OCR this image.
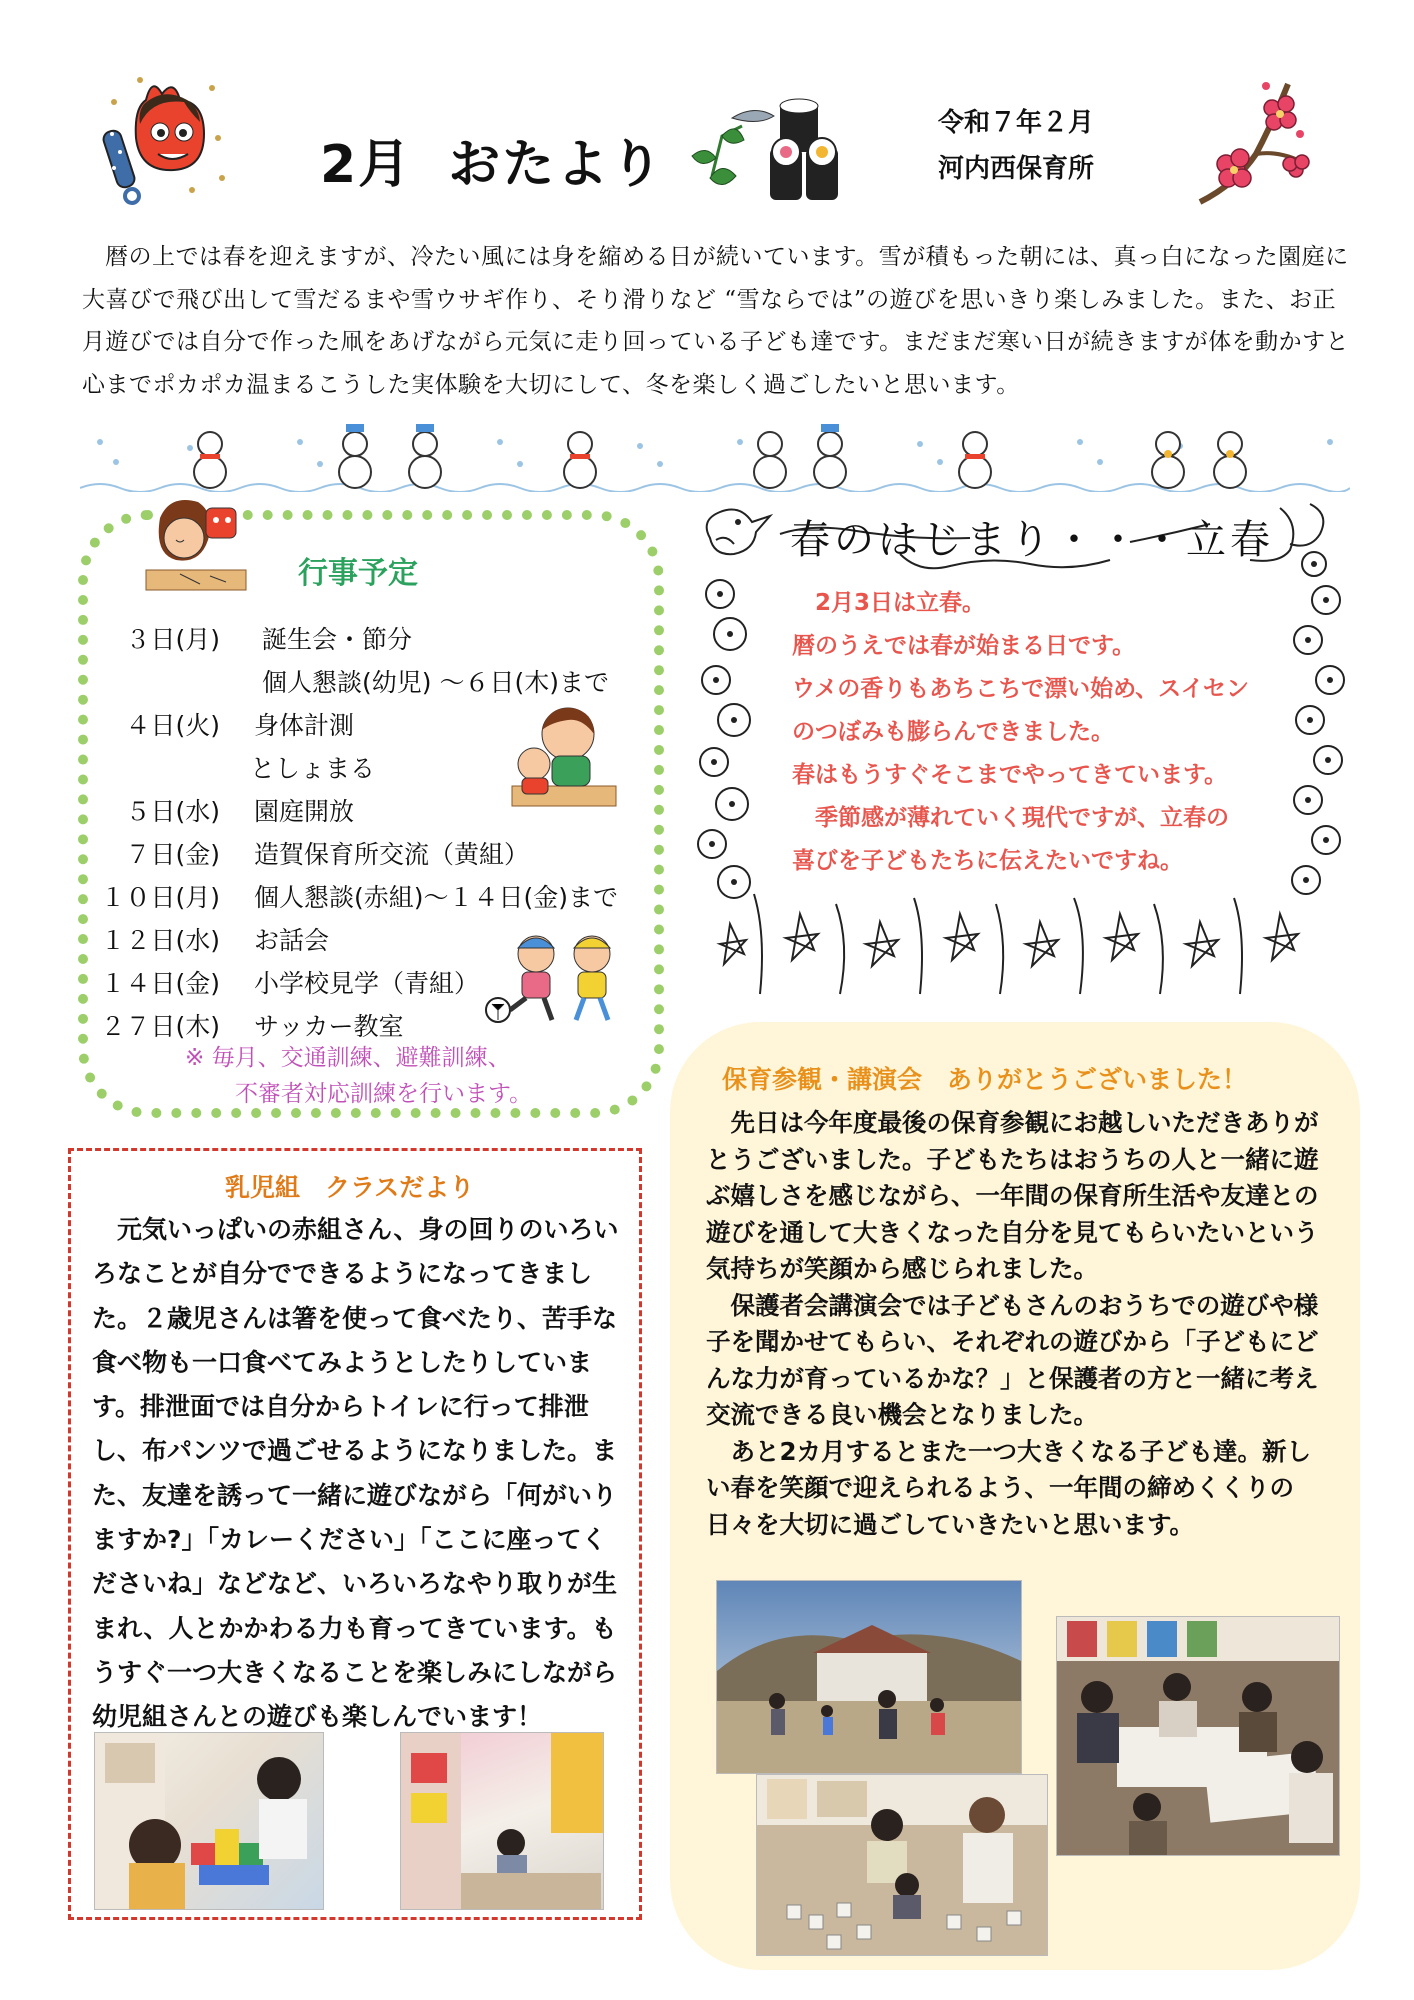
2月 おたより
令和７年２月
河内西保育所

暦の上では春を迎えますが、冷たい風には身を縮める日が続いています。雪が積もった朝には、真っ白になった園庭に大喜びで飛び出して雪だるまや雪ウサギ作り、そり滑りなど “雪ならでは”の遊びを思いきり楽しみました。また、お正月遊びでは自分で作った凧をあげながら元気に走り回っている子ども達です。まだまだ寒い日が続きますが体を動かすと心までポカポカ温まるこうした実体験を大切にして、冬を楽しく過ごしたいと思います。

行事予定
３日(月) 誕生会・節分
個人懇談(幼児) ～６日(木)まで
４日(火) 身体計測
としょまる
５日(水) 園庭開放
７日(金) 造賀保育所交流（黄組）
１０日(月) 個人懇談(赤組)～１４日(金)まで
１２日(水) お話会
１４日(金) 小学校見学（青組）
２７日(木) サッカー教室
※ 毎月、交通訓練、避難訓練、
不審者対応訓練を行います。
春のはじまり・・・立春

2月3日は立春。

暦のうえでは春が始まる日です。

ウメの香りもあちこちで漂い始め、スイセン

のつぼみも膨らんできました。

春はもうすぐそこまでやってきています。

季節感が薄れていく現代ですが、立春の

喜びを子どもたちに伝えたいですね。

乳児組　クラスだより

元気いっぱいの赤組さん、身の回りのいろいろなことが自分でできるようになってきました。２歳児さんは箸を使って食べたり、苦手な食べ物も一口食べてみようとしたりしています。排泄面では自分からトイレに行って排泄し、布パンツで過ごせるようになりました。また、友達を誘って一緒に遊びながら「何がいりますか?」「カレーください」「ここに座ってくださいね」などなど、いろいろなやり取りが生まれ、人とかかわる力も育ってきています。もうすぐ一つ大きくなることを楽しみにしながら幼児組さんとの遊びも楽しんでいます！

保育参観・講演会　ありがとうございました！

先日は今年度最後の保育参観にお越しいただきありがとうございました。子どもたちはおうちの人と一緒に遊ぶ嬉しさを感じながら、一年間の保育所生活や友達との遊びを通して大きくなった自分を見てもらいたいという気持ちが笑顔から感じられました。

保護者会講演会では子どもさんのおうちでの遊びや様子を聞かせてもらい、それぞれの遊びから「子どもにどんな力が育っているかな？」と保護者の方と一緒に考え交流できる良い機会となりました。

あと2カ月するとまた一つ大きくなる子ども達。新しい春を笑顔で迎えられるよう、一年間の締めくくりの日々を大切に過ごしていきたいと思います。
